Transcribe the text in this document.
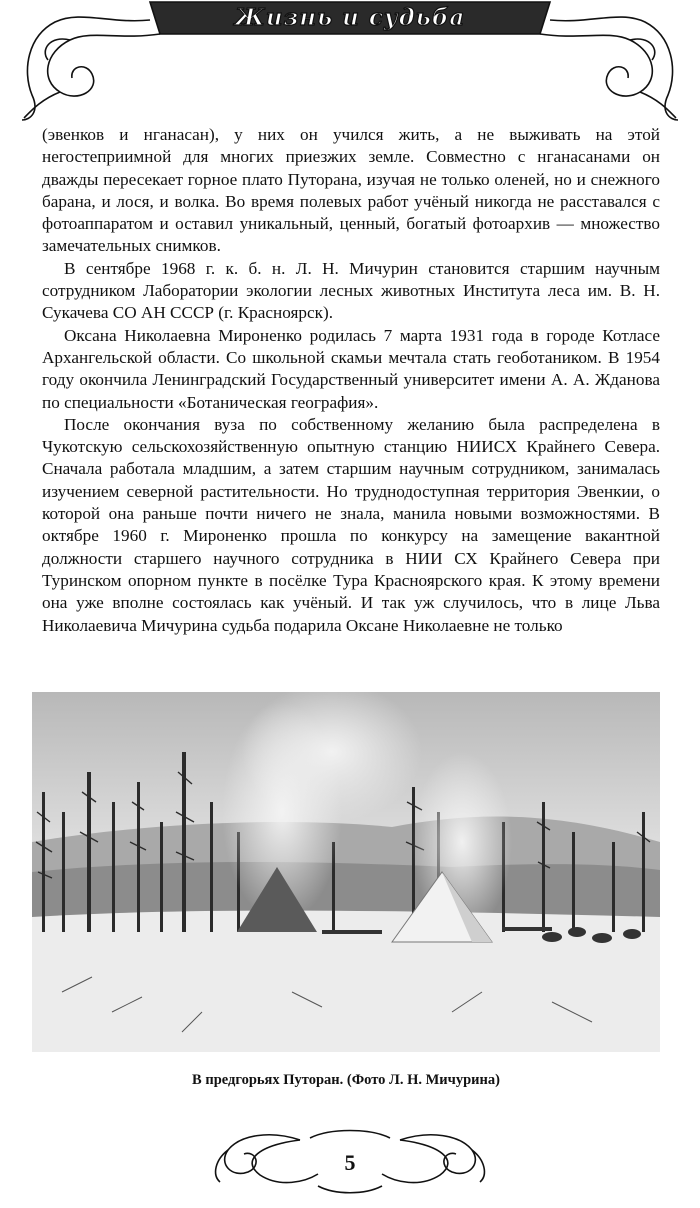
Жизнь и судьба

(эвенков и нганасан), у них он учился жить, а не выживать на этой негостеприимной для многих приезжих земле. Совместно с нганасанами он дважды пересекает горное плато Путорана, изучая не только оленей, но и снежного барана, и лося, и волка. Во время полевых работ учёный никогда не расставался с фотоаппаратом и оставил уникальный, ценный, богатый фотоархив — множество замечательных снимков.

В сентябре 1968 г. к. б. н. Л. Н. Мичурин становится старшим научным сотрудником Лаборатории экологии лесных животных Института леса им. В. Н. Сукачева СО АН СССР (г. Красноярск).

Оксана Николаевна Мироненко родилась 7 марта 1931 года в городе Котласе Архангельской области. Со школьной скамьи мечтала стать геоботаником. В 1954 году окончила Ленинградский Государственный университет имени А. А. Жданова по специальности «Ботаническая география».

После окончания вуза по собственному желанию была распределена в Чукотскую сельскохозяйственную опытную станцию НИИСХ Крайнего Севера. Сначала работала младшим, а затем старшим научным сотрудником, занималась изучением северной растительности. Но труднодоступная территория Эвенкии, о которой она раньше почти ничего не знала, манила новыми возможностями. В октябре 1960 г. Мироненко прошла по конкурсу на замещение вакантной должности старшего научного сотрудника в НИИ СХ Крайнего Севера при Туринском опорном пункте в посёлке Тура Красноярского края. К этому времени она уже вполне состоялась как учёный. И так уж случилось, что в лице Льва Николаевича Мичурина судьба подарила Оксане Николаевне не только

В предгорьях Путоран. (Фото Л. Н. Мичурина)
5
